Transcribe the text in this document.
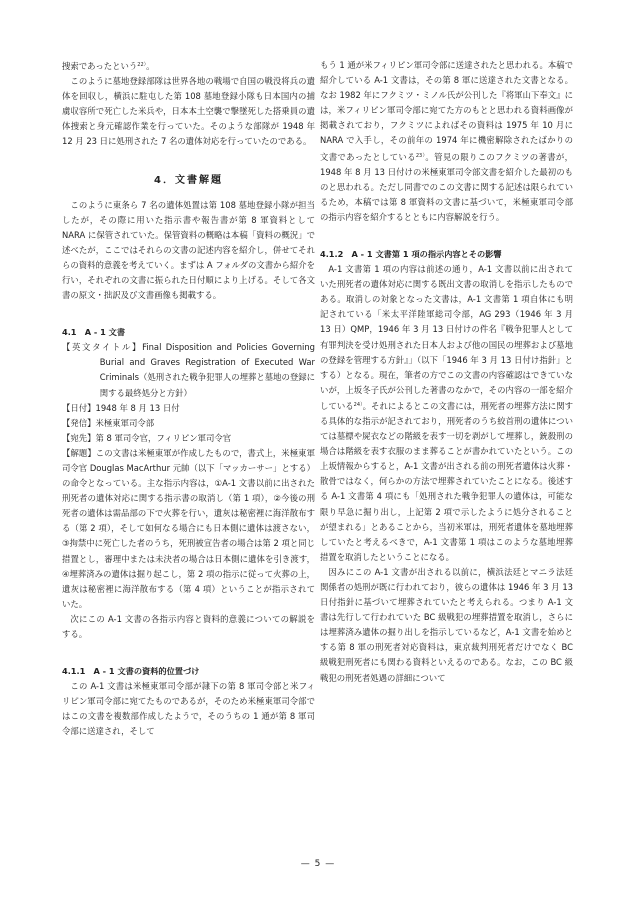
捜索であったという$^{22)}$。

このように墓地登録部隊は世界各地の戦場で自国の戦没将兵の遺体を回収し，横浜に駐屯した第 108 墓地登録小隊も日本国内の捕虜収容所で死亡した米兵や，日本本土空襲で撃墜死した搭乗員の遺体捜索と身元確認作業を行っていた。そのような部隊が 1948 年 12 月 23 日に処刑された 7 名の遺体対応を行っていたのである。

4．文書解題

このように東条ら 7 名の遺体処置は第 108 墓地登録小隊が担当したが，その際に用いた指示書や報告書が第 8 軍資料として NARA に保管されていた。保管資料の概略は本稿「資料の概況」で述べたが，ここではそれらの文書の記述内容を紹介し，併せてそれらの資料的意義を考えていく。まずは A フォルダの文書から紹介を行い，それぞれの文書に振られた日付順により上げる。そして各文書の原文・拙訳及び文書画像も掲載する。

4.1　A - 1 文書
【英文タイトル】Final Disposition and Policies Governing Burial and Graves Registration of Executed War Criminals（処刑された戦争犯罪人の埋葬と墓地の登録に関する最終処分と方針）
【日付】1948 年 8 月 13 日付
【発信】米極東軍司令部
【宛先】第 8 軍司令官，フィリピン軍司令官
【解題】この文書は米極東軍が作成したもので，書式上，米極東軍司令官 Douglas MacArthur 元帥（以下「マッカーサー」とする）の命令となっている。主な指示内容は，①A-1 文書以前に出された刑死者の遺体対応に関する指示書の取消し（第 1 項），②今後の刑死者の遺体は需品部の下で火葬を行い，遺灰は秘密裡に海洋散布する（第 2 項），そして如何なる場合にも日本側に遺体は渡さない，③拘禁中に死亡した者のうち，死刑被宣告者の場合は第 2 項と同じ措置とし，審理中または未決者の場合は日本側に遺体を引き渡す，④埋葬済みの遺体は掘り起こし，第 2 項の指示に従って火葬の上，遺灰は秘密裡に海洋散布する（第 4 項）ということが指示されていた。

次にこの A-1 文書の各指示内容と資料的意義についての解説をする。

4.1.1　A - 1 文書の資料的位置づけ

この A-1 文書は米極東軍司令部が隷下の第 8 軍司令部と米フィリピン軍司令部に宛てたものであるが，そのため米極東軍司令部ではこの文書を複数部作成したようで，そのうちの 1 通が第 8 軍司令部に送達され，そして

もう 1 通が米フィリピン軍司令部に送達されたと思われる。本稿で紹介している A-1 文書は，その第 8 軍に送達された文書となる。なお 1982 年にフクミツ・ミノル氏が公刊した『将軍山下奉文』には，米フィリピン軍司令部に宛てた方のもとと思われる資料画像が掲載されており，フクミツによればその資料は 1975 年 10 月に NARA で入手し，その前年の 1974 年に機密解除されたばかりの文書であったとしている$^{23)}$。管見の限りこのフクミツの著書が，1948 年 8 月 13 日付けの米極東軍司令部文書を紹介した最初のものと思われる。ただし同書でのこの文書に関する記述は限られているため，本稿では第 8 軍資料の文書に基づいて，米極東軍司令部の指示内容を紹介するとともに内容解説を行う。

4.1.2　A - 1 文書第 1 項の指示内容とその影響

A-1 文書第 1 項の内容は前述の通り，A-1 文書以前に出されていた刑死者の遺体対応に関する既出文書の取消しを指示したものである。取消しの対象となった文書は，A-1 文書第 1 項自体にも明記されている「米太平洋陸軍総司令部，AG 293（1946 年 3 月 13 日）QMP，1946 年 3 月 13 日付けの件名『戦争犯罪人として有罪判決を受け処刑された日本人および他の国民の埋葬および墓地の登録を管理する方針』」（以下「1946 年 3 月 13 日付け指針」とする）となる。現在，筆者の方でこの文書の内容確認はできていないが，上坂冬子氏が公刊した著書のなかで，その内容の一部を紹介している$^{24)}$。それによるとこの文書には，刑死者の埋葬方法に関する具体的な指示が記されており，刑死者のうち絞首刑の遺体については墓標や屍衣などの階級を表す一切を剥がして埋葬し，銃殺刑の場合は階級を表す衣服のまま葬ることが書かれていたという。この上坂情報からすると，A-1 文書が出される前の刑死者遺体は火葬・散骨ではなく，何らかの方法で埋葬されていたことになる。後述する A-1 文書第 4 項にも「処刑された戦争犯罪人の遺体は，可能な限り早急に掘り出し，上記第 2 項で示したように処分されることが望まれる」とあることから，当初米軍は，刑死者遺体を墓地埋葬していたと考えるべきで，A-1 文書第 1 項はこのような墓地埋葬措置を取消したということになる。

因みにこの A-1 文書が出される以前に，横浜法廷とマニラ法廷関係者の処刑が既に行われており，彼らの遺体は 1946 年 3 月 13 日付指針に基づいて埋葬されていたと考えられる。つまり A-1 文書は先行して行われていた BC 級戦犯の埋葬措置を取消し，さらには埋葬済み遺体の掘り出しを指示しているなど，A-1 文書を始めとする第 8 軍の刑死者対応資料は，東京裁判刑死者だけでなく BC 級戦犯刑死者にも関わる資料といえるのである。なお，この BC 級戦犯の刑死者処遇の詳細について

— 5 —
